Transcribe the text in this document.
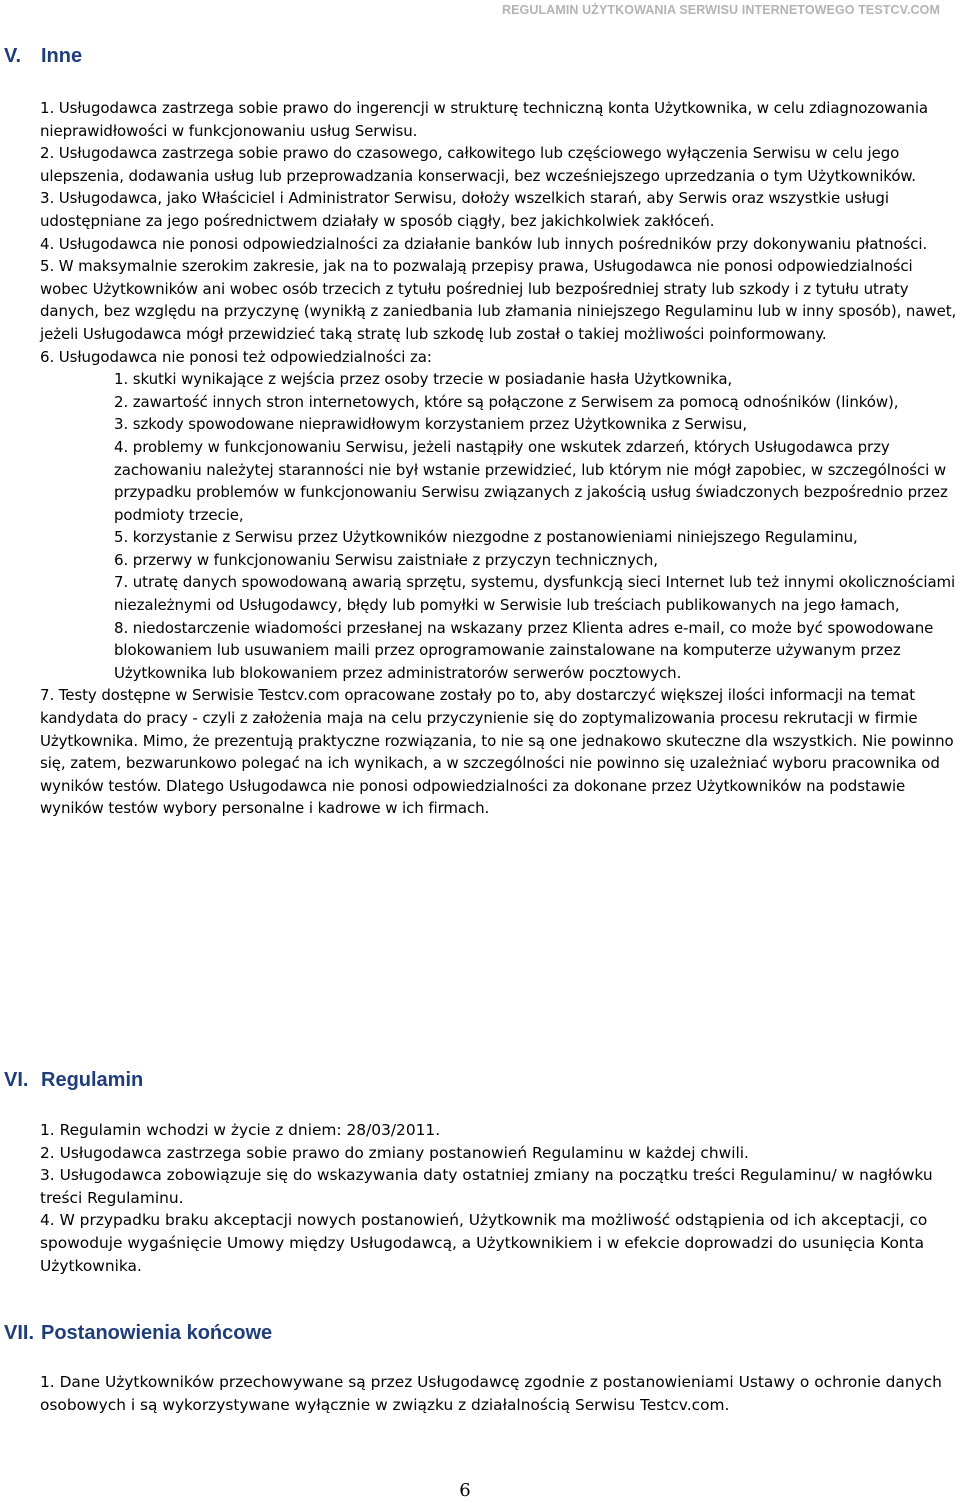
REGULAMIN UŻYTKOWANIA SERWISU INTERNETOWEGO TESTCV.COM
V. Inne

1. Usługodawca zastrzega sobie prawo do ingerencji w strukturę techniczną konta Użytkownika, w celu zdiagnozowania nieprawidłowości w funkcjonowaniu usług Serwisu.

2. Usługodawca zastrzega sobie prawo do czasowego, całkowitego lub częściowego wyłączenia Serwisu w celu jego ulepszenia, dodawania usług lub przeprowadzania konserwacji, bez wcześniejszego uprzedzania o tym Użytkowników.

3. Usługodawca, jako Właściciel i Administrator Serwisu, dołoży wszelkich starań, aby Serwis oraz wszystkie usługi udostępniane za jego pośrednictwem działały w sposób ciągły, bez jakichkolwiek zakłóceń.

4. Usługodawca nie ponosi odpowiedzialności za działanie banków lub innych pośredników przy dokonywaniu płatności.

5. W maksymalnie szerokim zakresie, jak na to pozwalają przepisy prawa, Usługodawca nie ponosi odpowiedzialności wobec Użytkowników ani wobec osób trzecich z tytułu pośredniej lub bezpośredniej straty lub szkody i z tytułu utraty danych, bez względu na przyczynę (wynikłą z zaniedbania lub złamania niniejszego Regulaminu lub w inny sposób), nawet, jeżeli Usługodawca mógł przewidzieć taką stratę lub szkodę lub został o takiej możliwości poinformowany.

6. Usługodawca nie ponosi też odpowiedzialności za:

1. skutki wynikające z wejścia przez osoby trzecie w posiadanie hasła Użytkownika,

2. zawartość innych stron internetowych, które są połączone z Serwisem za pomocą odnośników (linków),

3. szkody spowodowane nieprawidłowym korzystaniem przez Użytkownika z Serwisu,

4. problemy w funkcjonowaniu Serwisu, jeżeli nastąpiły one wskutek zdarzeń, których Usługodawca przy zachowaniu należytej staranności nie był wstanie przewidzieć, lub którym nie mógł zapobiec, w szczególności w przypadku problemów w funkcjonowaniu Serwisu związanych z jakością usług świadczonych bezpośrednio przez podmioty trzecie,

5. korzystanie z Serwisu przez Użytkowników niezgodne z postanowieniami niniejszego Regulaminu,

6. przerwy w funkcjonowaniu Serwisu zaistniałe z przyczyn technicznych,

7. utratę danych spowodowaną awarią sprzętu, systemu, dysfunkcją sieci Internet lub też innymi okolicznościami niezależnymi od Usługodawcy, błędy lub pomyłki w Serwisie lub treściach publikowanych na jego łamach,

8. niedostarczenie wiadomości przesłanej na wskazany przez Klienta adres e-mail, co może być spowodowane blokowaniem lub usuwaniem maili przez oprogramowanie zainstalowane na komputerze używanym przez Użytkownika lub blokowaniem przez administratorów serwerów pocztowych.

7. Testy dostępne w Serwisie Testcv.com opracowane zostały po to, aby dostarczyć większej ilości informacji na temat kandydata do pracy - czyli z założenia maja na celu przyczynienie się do zoptymalizowania procesu rekrutacji w firmie Użytkownika. Mimo, że prezentują praktyczne rozwiązania, to nie są one jednakowo skuteczne dla wszystkich. Nie powinno się, zatem, bezwarunkowo polegać na ich wynikach, a w szczególności nie powinno się uzależniać wyboru pracownika od wyników testów. Dlatego Usługodawca nie ponosi odpowiedzialności za dokonane przez Użytkowników na podstawie wyników testów wybory personalne i kadrowe w ich firmach.

VI. Regulamin

1. Regulamin wchodzi w życie z dniem: 28/03/2011.

2. Usługodawca zastrzega sobie prawo do zmiany postanowień Regulaminu w każdej chwili.

3. Usługodawca zobowiązuje się do wskazywania daty ostatniej zmiany na początku treści Regulaminu/ w nagłówku treści Regulaminu.

4. W przypadku braku akceptacji nowych postanowień, Użytkownik ma możliwość odstąpienia od ich akceptacji, co spowoduje wygaśnięcie Umowy między Usługodawcą, a Użytkownikiem i w efekcie doprowadzi do usunięcia Konta Użytkownika.

VII. Postanowienia końcowe

1. Dane Użytkowników przechowywane są przez Usługodawcę zgodnie z postanowieniami Ustawy o ochronie danych osobowych i są wykorzystywane wyłącznie w związku z działalnością Serwisu Testcv.com.

6
